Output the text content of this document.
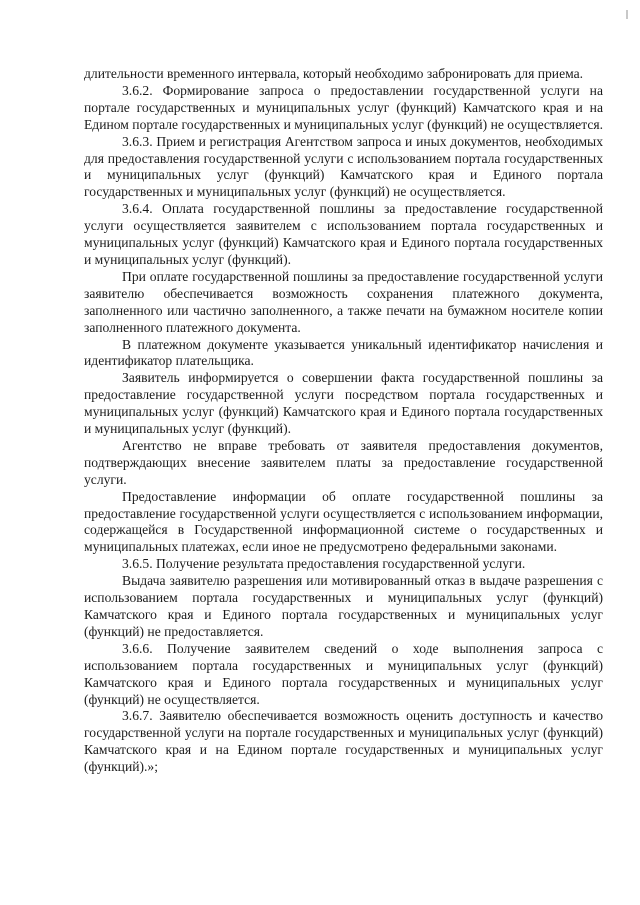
длительности временного интервала, который необходимо забронировать для приема.

3.6.2. Формирование запроса о предоставлении государственной услуги на портале государственных и муниципальных услуг (функций) Камчатского края и на Едином портале государственных и муниципальных услуг (функций) не осуществляется.

3.6.3. Прием и регистрация Агентством запроса и иных документов, необходимых для предоставления государственной услуги с использованием портала государственных и муниципальных услуг (функций) Камчатского края и Единого портала государственных и муниципальных услуг (функций) не осуществляется.

3.6.4. Оплата государственной пошлины за предоставление государственной услуги осуществляется заявителем с использованием портала государственных и муниципальных услуг (функций) Камчатского края и Единого портала государственных и муниципальных услуг (функций).

При оплате государственной пошлины за предоставление государственной услуги заявителю обеспечивается возможность сохранения платежного документа, заполненного или частично заполненного, а также печати на бумажном носителе копии заполненного платежного документа.

В платежном документе указывается уникальный идентификатор начисления и идентификатор плательщика.

Заявитель информируется о совершении факта государственной пошлины за предоставление государственной услуги посредством портала государственных и муниципальных услуг (функций) Камчатского края и Единого портала государственных и муниципальных услуг (функций).

Агентство не вправе требовать от заявителя предоставления документов, подтверждающих внесение заявителем платы за предоставление государственной услуги.

Предоставление информации об оплате государственной пошлины за предоставление государственной услуги осуществляется с использованием информации, содержащейся в Государственной информационной системе о государственных и муниципальных платежах, если иное не предусмотрено федеральными законами.

3.6.5. Получение результата предоставления государственной услуги.

Выдача заявителю разрешения или мотивированный отказ в выдаче разрешения с использованием портала государственных и муниципальных услуг (функций) Камчатского края и Единого портала государственных и муниципальных услуг (функций) не предоставляется.

3.6.6. Получение заявителем сведений о ходе выполнения запроса с использованием портала государственных и муниципальных услуг (функций) Камчатского края и Единого портала государственных и муниципальных услуг (функций) не осуществляется.

3.6.7. Заявителю обеспечивается возможность оценить доступность и качество государственной услуги на портале государственных и муниципальных услуг (функций) Камчатского края и на Едином портале государственных и муниципальных услуг (функций).»;
